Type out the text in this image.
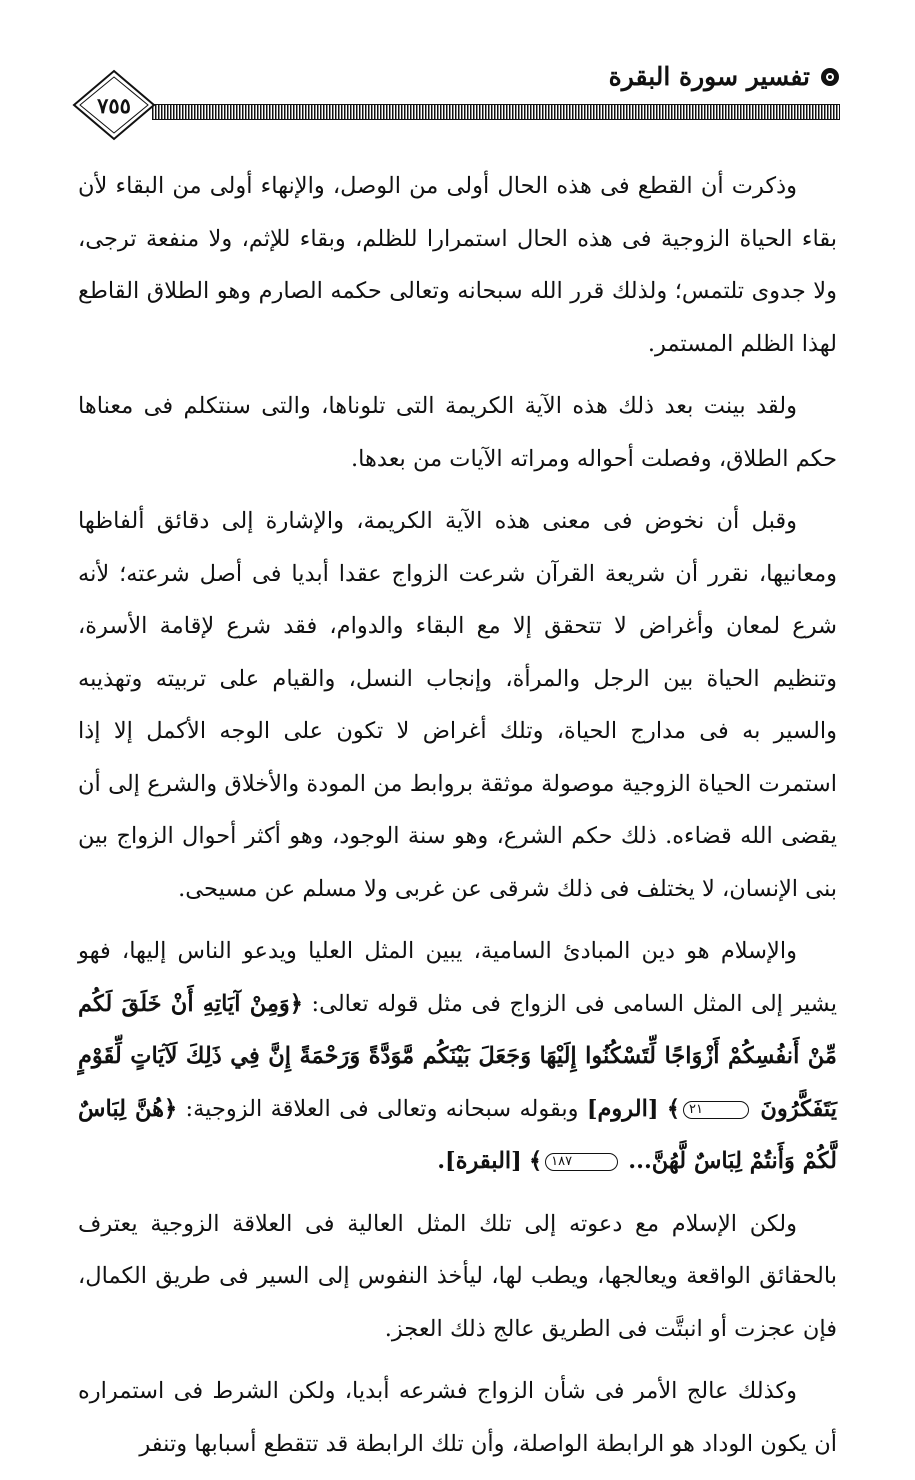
تفسير سورة البقرة
٧٥٥

وذكرت أن القطع فى هذه الحال أولى من الوصل، والإنهاء أولى من البقاء لأن بقاء الحياة الزوجية فى هذه الحال استمرارا للظلم، وبقاء للإثم، ولا منفعة ترجى، ولا جدوى تلتمس؛ ولذلك قرر الله سبحانه وتعالى حكمه الصارم وهو الطلاق القاطع لهذا الظلم المستمر.

ولقد بينت بعد ذلك هذه الآية الكريمة التى تلوناها، والتى سنتكلم فى معناها حكم الطلاق، وفصلت أحواله ومراته الآيات من بعدها.

وقبل أن نخوض فى معنى هذه الآية الكريمة، والإشارة إلى دقائق ألفاظها ومعانيها، نقرر أن شريعة القرآن شرعت الزواج عقدا أبديا فى أصل شرعته؛ لأنه شرع لمعان وأغراض لا تتحقق إلا مع البقاء والدوام، فقد شرع لإقامة الأسرة، وتنظيم الحياة بين الرجل والمرأة، وإنجاب النسل، والقيام على تربيته وتهذيبه والسير به فى مدارج الحياة، وتلك أغراض لا تكون على الوجه الأكمل إلا إذا استمرت الحياة الزوجية موصولة موثقة بروابط من المودة والأخلاق والشرع إلى أن يقضى الله قضاءه. ذلك حكم الشرع، وهو سنة الوجود، وهو أكثر أحوال الزواج بين بنى الإنسان، لا يختلف فى ذلك شرقى عن غربى ولا مسلم عن مسيحى.

والإسلام هو دين المبادئ السامية، يبين المثل العليا ويدعو الناس إليها، فهو يشير إلى المثل السامى فى الزواج فى مثل قوله تعالى: ﴿وَمِنْ آيَاتِهِ أَنْ خَلَقَ لَكُم مِّنْ أَنفُسِكُمْ أَزْوَاجًا لِّتَسْكُنُوا إِلَيْهَا وَجَعَلَ بَيْنَكُم مَّوَدَّةً وَرَحْمَةً إِنَّ فِي ذَلِكَ لَآيَاتٍ لِّقَوْمٍ يَتَفَكَّرُونَ ٢١﴾ [الروم] وبقوله سبحانه وتعالى فى العلاقة الزوجية: ﴿هُنَّ لِبَاسٌ لَّكُمْ وَأَنتُمْ لِبَاسٌ لَّهُنَّ... ١٨٧﴾ [البقرة].

ولكن الإسلام مع دعوته إلى تلك المثل العالية فى العلاقة الزوجية يعترف بالحقائق الواقعة ويعالجها، ويطب لها، ليأخذ النفوس إلى السير فى طريق الكمال، فإن عجزت أو انبتَّت فى الطريق عالج ذلك العجز.

وكذلك عالج الأمر فى شأن الزواج فشرعه أبديا، ولكن الشرط فى استمراره أن يكون الوداد هو الرابطة الواصلة، وأن تلك الرابطة قد تتقطع أسبابها وتنفر
